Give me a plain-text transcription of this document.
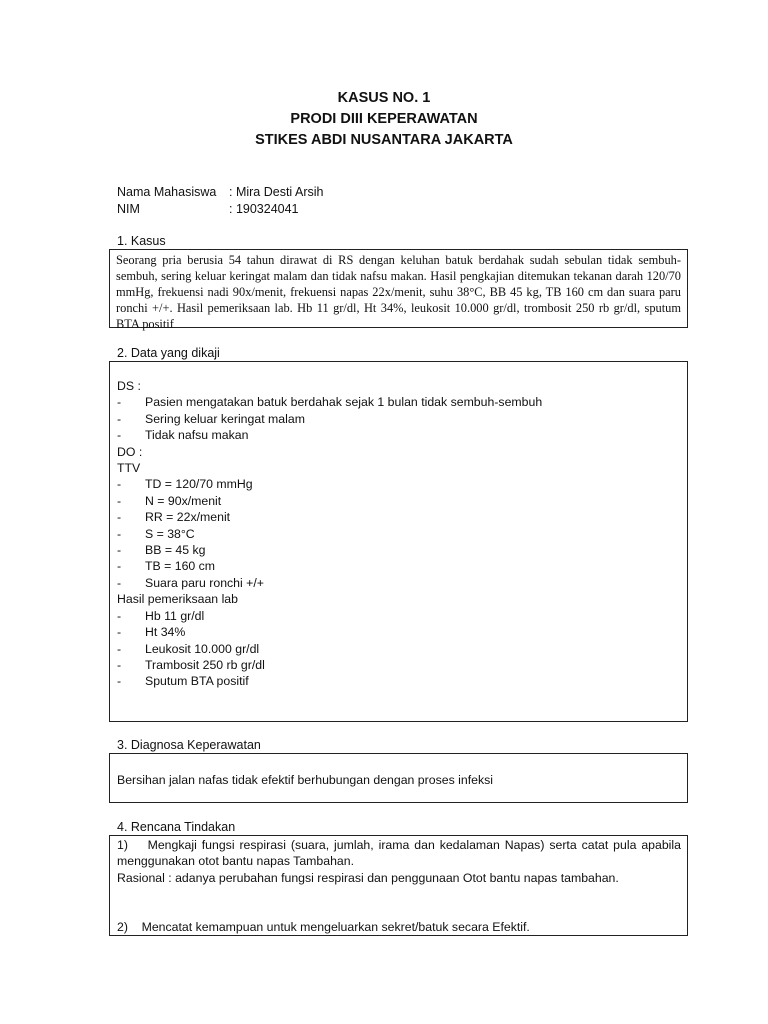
KASUS NO. 1
PRODI DIII KEPERAWATAN
STIKES ABDI NUSANTARA JAKARTA
Nama Mahasiswa : Mira Desti Arsih
NIM	: 190324041
1. Kasus
Seorang pria berusia 54 tahun dirawat di RS dengan keluhan batuk berdahak sudah sebulan tidak sembuh-sembuh, sering keluar keringat malam dan tidak nafsu makan. Hasil pengkajian ditemukan tekanan darah 120/70 mmHg, frekuensi nadi 90x/menit, frekuensi napas 22x/menit, suhu 38°C, BB 45 kg, TB 160 cm dan suara paru ronchi +/+. Hasil pemeriksaan lab. Hb 11 gr/dl, Ht 34%, leukosit 10.000 gr/dl, trombosit 250 rb gr/dl, sputum BTA positif
2. Data yang dikaji
DS :
- Pasien mengatakan batuk berdahak sejak 1 bulan tidak sembuh-sembuh
- Sering keluar keringat malam
- Tidak nafsu makan
DO :
TTV
- TD = 120/70 mmHg
- N = 90x/menit
- RR = 22x/menit
- S = 38°C
- BB = 45 kg
- TB = 160 cm
- Suara paru ronchi +/+
Hasil pemeriksaan lab
- Hb 11 gr/dl
- Ht 34%
- Leukosit 10.000 gr/dl
- Trambosit 250 rb gr/dl
- Sputum BTA positif
3. Diagnosa Keperawatan
Bersihan jalan nafas tidak efektif berhubungan dengan proses infeksi
4. Rencana Tindakan
1)    Mengkaji fungsi respirasi (suara, jumlah, irama dan kedalaman Napas) serta catat pula apabila menggunakan otot bantu napas Tambahan.
Rasional : adanya perubahan fungsi respirasi dan penggunaan Otot bantu napas tambahan.
2)    Mencatat kemampuan untuk mengeluarkan sekret/batuk secara Efektif.
